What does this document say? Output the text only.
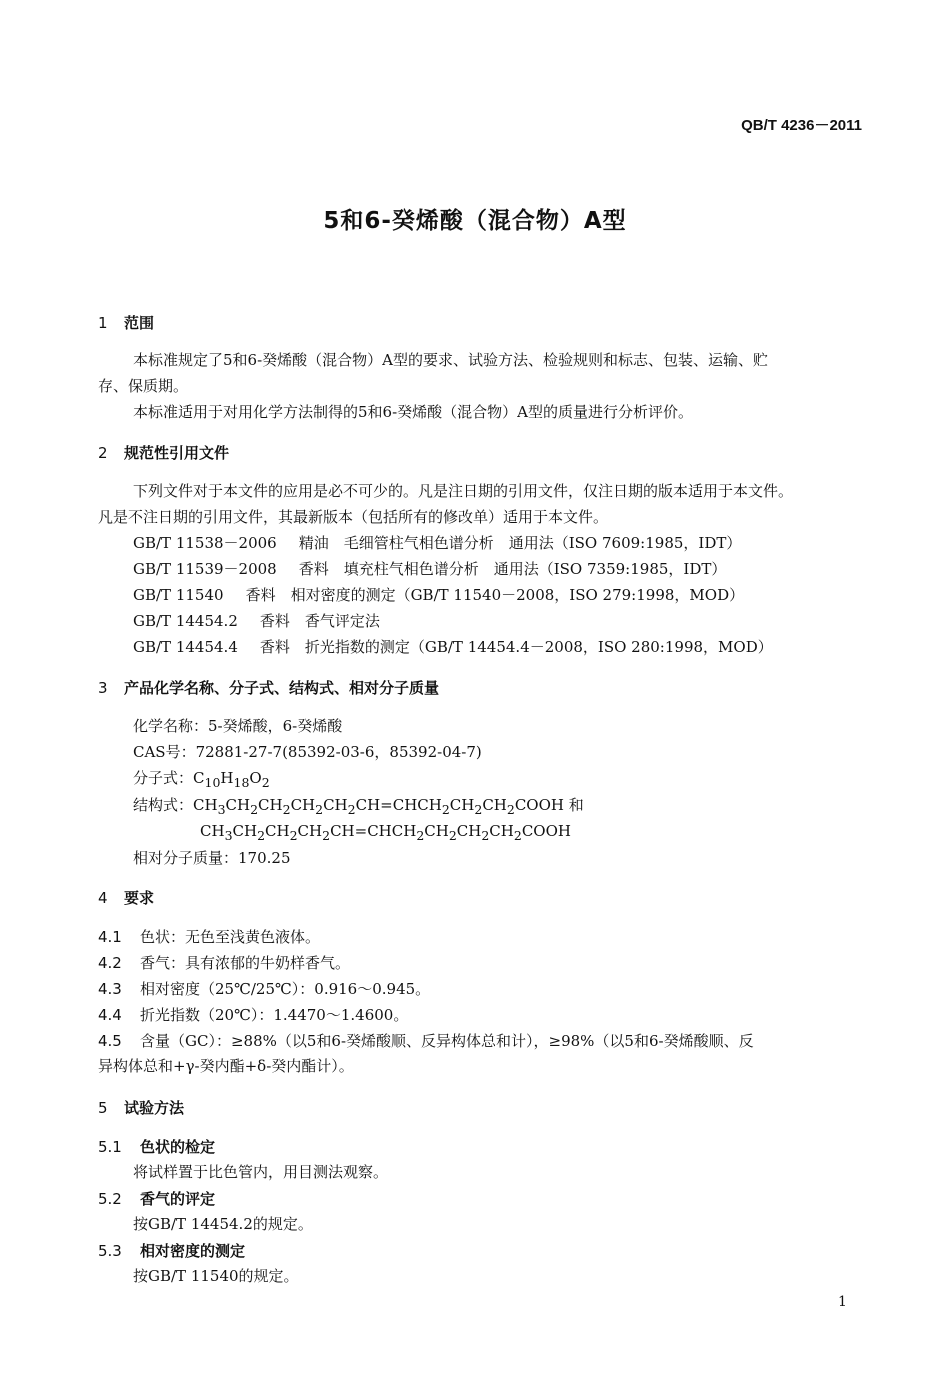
QB/T 4236－2011
5和6-癸烯酸（混合物）A型
1 范围
本标准规定了5和6-癸烯酸（混合物）A型的要求、试验方法、检验规则和标志、包装、运输、贮
存、保质期。
本标准适用于对用化学方法制得的5和6-癸烯酸（混合物）A型的质量进行分析评价。
2 规范性引用文件
下列文件对于本文件的应用是必不可少的。凡是注日期的引用文件，仅注日期的版本适用于本文件。
凡是不注日期的引用文件，其最新版本（包括所有的修改单）适用于本文件。
GB/T 11538－2006 精油　毛细管柱气相色谱分析　通用法（ISO 7609:1985，IDT）
GB/T 11539－2008 香料　填充柱气相色谱分析　通用法（ISO 7359:1985，IDT）
GB/T 11540 香料　相对密度的测定（GB/T 11540－2008，ISO 279:1998，MOD）
GB/T 14454.2 香料　香气评定法
GB/T 14454.4 香料　折光指数的测定（GB/T 14454.4－2008，ISO 280:1998，MOD）
3 产品化学名称、分子式、结构式、相对分子质量
化学名称：5-癸烯酸，6-癸烯酸
CAS号：72881-27-7(85392-03-6，85392-04-7)
分子式：$C_{10}H_{18}O_2$
结构式：$CH_3CH_2CH_2CH_2CH_2CH=CHCH_2CH_2CH_2COOH$ 和
$CH_3CH_2CH_2CH_2CH=CHCH_2CH_2CH_2CH_2COOH$
相对分子质量：170.25
4 要求
4.1 色状：无色至浅黄色液体。
4.2 香气：具有浓郁的牛奶样香气。
4.3 相对密度（25℃/25℃）：0.916～0.945。
4.4 折光指数（20℃）：1.4470～1.4600。
4.5 含量（GC）：≥88%（以5和6-癸烯酸顺、反异构体总和计），≥98%（以5和6-癸烯酸顺、反
异构体总和+γ-癸内酯+δ-癸内酯计）。
5 试验方法
5.1 色状的检定
将试样置于比色管内，用目测法观察。
5.2 香气的评定
按GB/T 14454.2的规定。
5.3 相对密度的测定
按GB/T 11540的规定。
1
